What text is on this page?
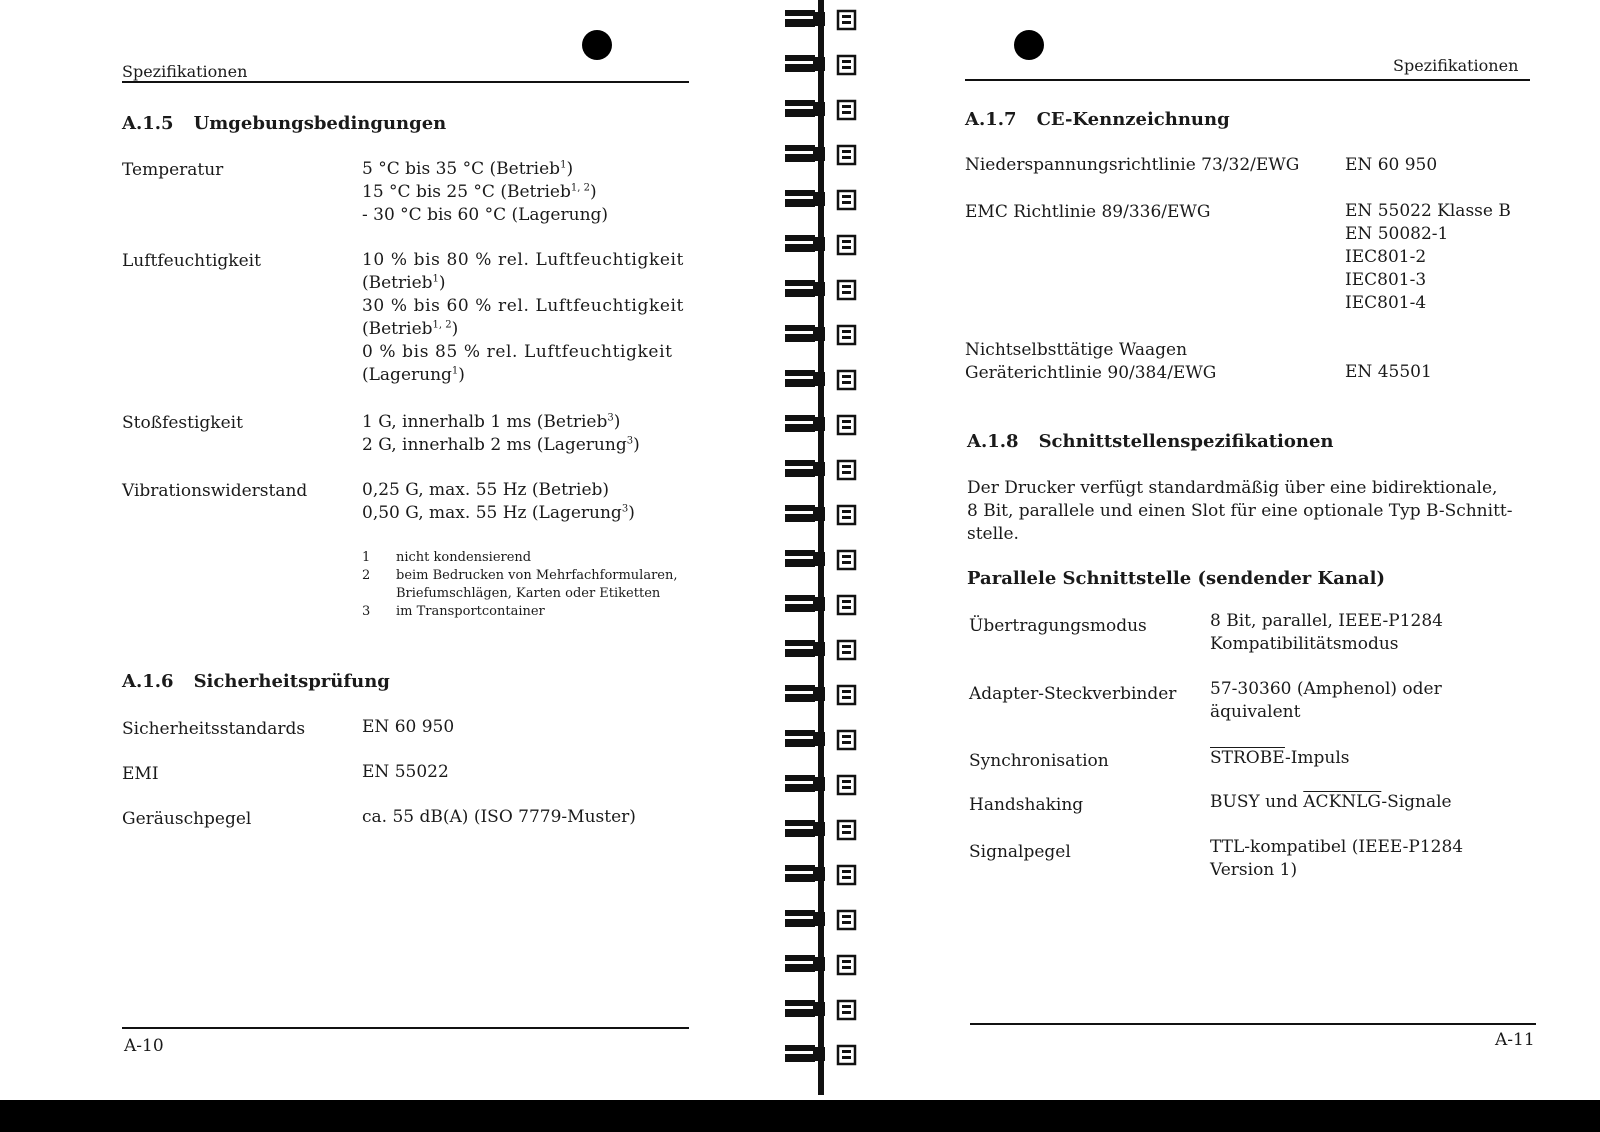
Spezifikationen
A.1.5 Umgebungsbedingungen
Temperatur	5 °C bis 35 °C (Betrieb$^1$)
15 °C bis 25 °C (Betrieb$^{1, 2}$)
- 30 °C bis 60 °C (Lagerung)
Luftfeuchtigkeit	10 % bis 80 % rel. Luftfeuchtigkeit
(Betrieb$^1$)
30 % bis 60 % rel. Luftfeuchtigkeit
(Betrieb$^{1, 2}$)
0 % bis 85 % rel. Luftfeuchtigkeit
(Lagerung$^1$)
Stoßfestigkeit	1 G, innerhalb 1 ms (Betrieb$^3$)
2 G, innerhalb 2 ms (Lagerung$^3$)
Vibrationswiderstand	0,25 G, max. 55 Hz (Betrieb)
0,50 G, max. 55 Hz (Lagerung$^3$)
1 nicht kondensierend
2 beim Bedrucken von Mehrfachformularen,
Briefumschlägen, Karten oder Etiketten
3 im Transportcontainer
A.1.6 Sicherheitsprüfung
Sicherheitsstandards	EN 60 950
EMI	EN 55022
Geräuschpegel	ca. 55 dB(A) (ISO 7779-Muster)
A-10
Spezifikationen
A.1.7 CE-Kennzeichnung
Niederspannungsrichtlinie 73/32/EWG	EN 60 950
EMC Richtlinie 89/336/EWG	EN 55022 Klasse B
EN 50082-1
IEC801-2
IEC801-3
IEC801-4
Nichtselbsttätige Waagen
Geräterichtlinie 90/384/EWG	EN 45501
A.1.8 Schnittstellenspezifikationen
Der Drucker verfügt standardmäßig über eine bidirektionale,
8 Bit, parallele und einen Slot für eine optionale Typ B-Schnitt-
stelle.
Parallele Schnittstelle (sendender Kanal)
Übertragungsmodus	8 Bit, parallel, IEEE-P1284
Kompatibilitätsmodus
Adapter-Steckverbinder 57-30360 (Amphenol) oder
äquivalent
Synchronisation	STROBE-Impuls
Handshaking	BUSY und ACKNLG-Signale
Signalpegel	TTL-kompatibel (IEEE-P1284
Version 1)
A-11
